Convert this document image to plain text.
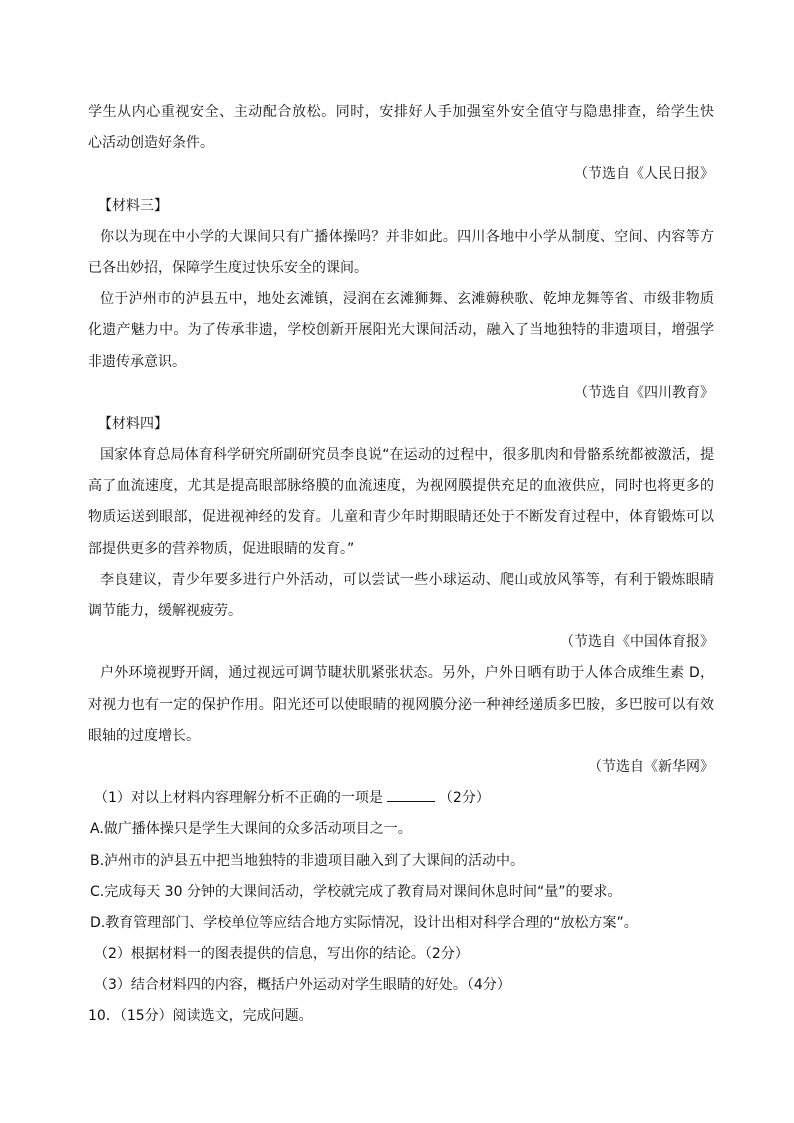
学生从内心重视安全、主动配合放松。同时，安排好人手加强室外安全值守与隐患排查，给学生快
心活动创造好条件。
（节选自《人民日报》
【材料三】
你以为现在中小学的大课间只有广播体操吗？并非如此。四川各地中小学从制度、空间、内容等方
已各出妙招，保障学生度过快乐安全的课间。
位于泸州市的泸县五中，地处玄滩镇，浸润在玄滩狮舞、玄滩薅秧歌、乾坤龙舞等省、市级非物质
化遗产魅力中。为了传承非遗，学校创新开展阳光大课间活动，融入了当地独特的非遗项目，增强学
非遗传承意识。
（节选自《四川教育》
【材料四】
国家体育总局体育科学研究所副研究员李良说“在运动的过程中，很多肌肉和骨骼系统都被激活，提
高了血流速度，尤其是提高眼部脉络膜的血流速度，为视网膜提供充足的血液供应，同时也将更多的
物质运送到眼部，促进视神经的发育。儿童和青少年时期眼睛还处于不断发育过程中，体育锻炼可以
部提供更多的营养物质，促进眼睛的发育。”
李良建议，青少年要多进行户外活动，可以尝试一些小球运动、爬山或放风筝等，有利于锻炼眼睛
调节能力，缓解视疲劳。
（节选自《中国体育报》
户外环境视野开阔，通过视远可调节睫状肌紧张状态。另外，户外日晒有助于人体合成维生素 D，
对视力也有一定的保护作用。阳光还可以使眼睛的视网膜分泌一种神经递质多巴胺，多巴胺可以有效
眼轴的过度增长。
（节选自《新华网》
（1）对以上材料内容理解分析不正确的一项是	（2分）
A.做广播体操只是学生大课间的众多活动项目之一。
B.泸州市的泸县五中把当地独特的非遗项目融入到了大课间的活动中。
C.完成每天 30 分钟的大课间活动，学校就完成了教育局对课间休息时间“量”的要求。
D.教育管理部门、学校单位等应结合地方实际情况，设计出相对科学合理的“放松方案”。
（2）根据材料一的图表提供的信息，写出你的结论。（2分）
（3）结合材料四的内容，概括户外运动对学生眼睛的好处。（4分）
10．（15分）阅读选文，完成问题。
